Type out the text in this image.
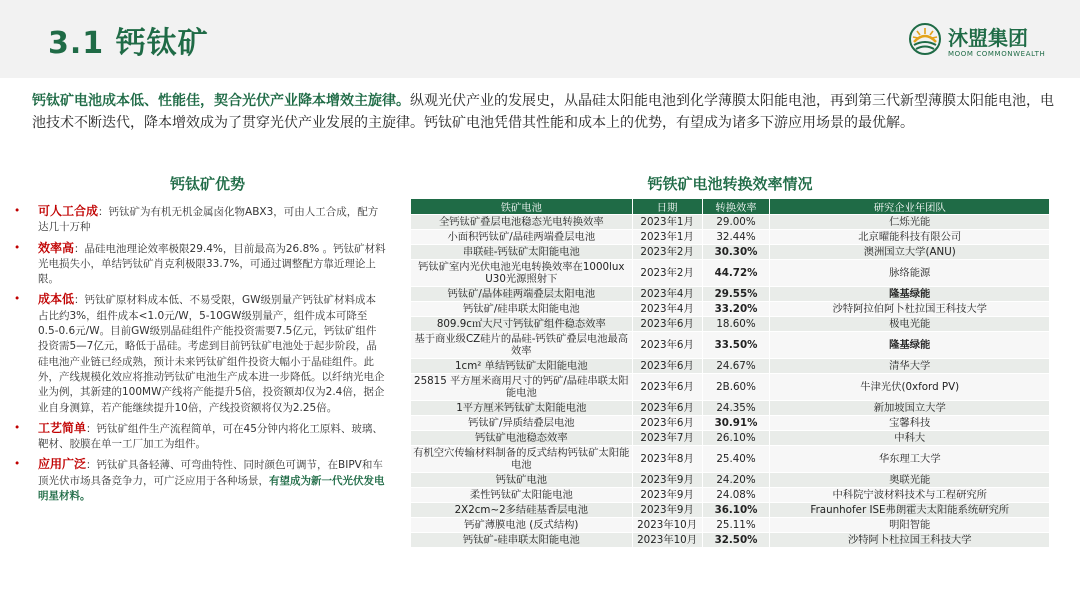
3.1 钙钛矿	沐盟集团
MOOM COMMONWEALTH
钙钛矿电池成本低、性能佳，契合光伏产业降本增效主旋律。纵观光伏产业的发展史，从晶硅太阳能电池到化学薄膜太阳能电池，再到第三代新型薄膜太阳能电池，电池技术不断迭代，降本增效成为了贯穿光伏产业发展的主旋律。钙钛矿电池凭借其性能和成本上的优势，有望成为诸多下游应用场景的最优解。
钙钛矿优势	钙铁矿电池转换效率情况
• 可人工合成：钙钛矿为有机无机金属卤化物ABX3，可由人工合成，配方达几十万种
• 效率高：晶硅电池理论效率极限29.4%，目前最高为26.8% 。钙钛矿材料光电损失小，单结钙钛矿肖克利极限33.7%，可通过调整配方靠近理论上限。
• 成本低：钙钛矿原材料成本低、不易受限，GW级别量产钙钛矿材料成本占比约3%，组件成本<1.0元/W，5-10GW级别量产，组件成本可降至0.5-0.6元/W。目前GW级别晶硅组件产能投资需要7.5亿元，钙钛矿组件投资需5—7亿元，略低于晶硅。考虑到目前钙钛矿电池处于起步阶段，晶硅电池产业链已经成熟，预计未来钙钛矿组件投资大幅小于晶硅组件。此外，产线规模化效应将推动钙钛矿电池生产成本进一步降低。以纤纳光电企业为例，其新建的100MW产线将产能提升5倍，投资额却仅为2.4倍，据企业自身测算，若产能继续提升10倍，产线投资额将仅为2.25倍。
• 工艺简单：钙钛矿组件生产流程简单，可在45分钟内将化工原料、玻璃、靶材、胶膜在单一工厂加工为组件。
• 应用广泛：钙钛矿具备轻薄、可弯曲特性、同时颜色可调节，在BIPV和车顶光伏市场具备竞争力，可广泛应用于各种场景，有望成为新一代光伏发电明星材料。
铁矿电池	日期	转换效率	研究企业年团队
全钙钛矿叠层电池稳态光电转换效率	2023年1月	29.00%	仁烁光能
小面积钙钛矿/晶硅两端叠层电池	2023年1月	32.44%	北京曜能科技有限公司
串联硅-钙钛矿太阳能电池	2023年2月	30.30%	澳洲国立大学(ANU)
钙钛矿室内光伏电池光电转换效率在1000lux U30光源照射下	2023年2月	44.72%	脉络能源
钙钛矿/晶体硅两端叠层太阳电池	2023年4月	29.55%	隆基绿能
钙钛矿/硅串联太阳能电池	2023年4月	33.20%	沙特阿拉伯阿卜杜拉国王科技大学
809.9c㎡大尺寸钙钛矿组件稳态效率	2023年6月	18.60%	极电光能
基于商业级CZ硅片的晶硅-钙铁矿叠层电池最高效率	2023年6月	33.50%	隆基绿能
1cm² 单结钙钛矿太阳能电池	2023年6月	24.67%	清华大学
25815 平方厘米商用尺寸的钙矿/晶硅串联太阳能电池	2023年6月	2B.60%	牛津光伏(0xford PV)
1平方厘米钙钛矿太阳能电池	2023年6月	24.35%	新加坡国立大学
钙钛矿/异质结叠层电池	2023年6月	30.91%	宝馨科技
钙钛矿电池稳态效率	2023年7月	26.10%	中科大
有机空穴传输材料制备的反式结构钙钛矿太阳能电池	2023年8月	25.40%	华东理工大学
钙钛矿电池	2023年9月	24.20%	奥联光能
柔性钙钛矿太阳能电池	2023年9月	24.08%	中科院宁波材料技术与工程研究所
2X2cm~2多结硅基香层电池	2023年9月	36.10%	Fraunhofer ISE弗朗霍夫太阳能系统研究所
钙矿薄膜电池 (反式结构)	2023年10月	25.11%	明阳智能
钙钛矿-硅串联太阳能电池	2023年10月	32.50%	沙特阿卜杜拉国王科技大学
